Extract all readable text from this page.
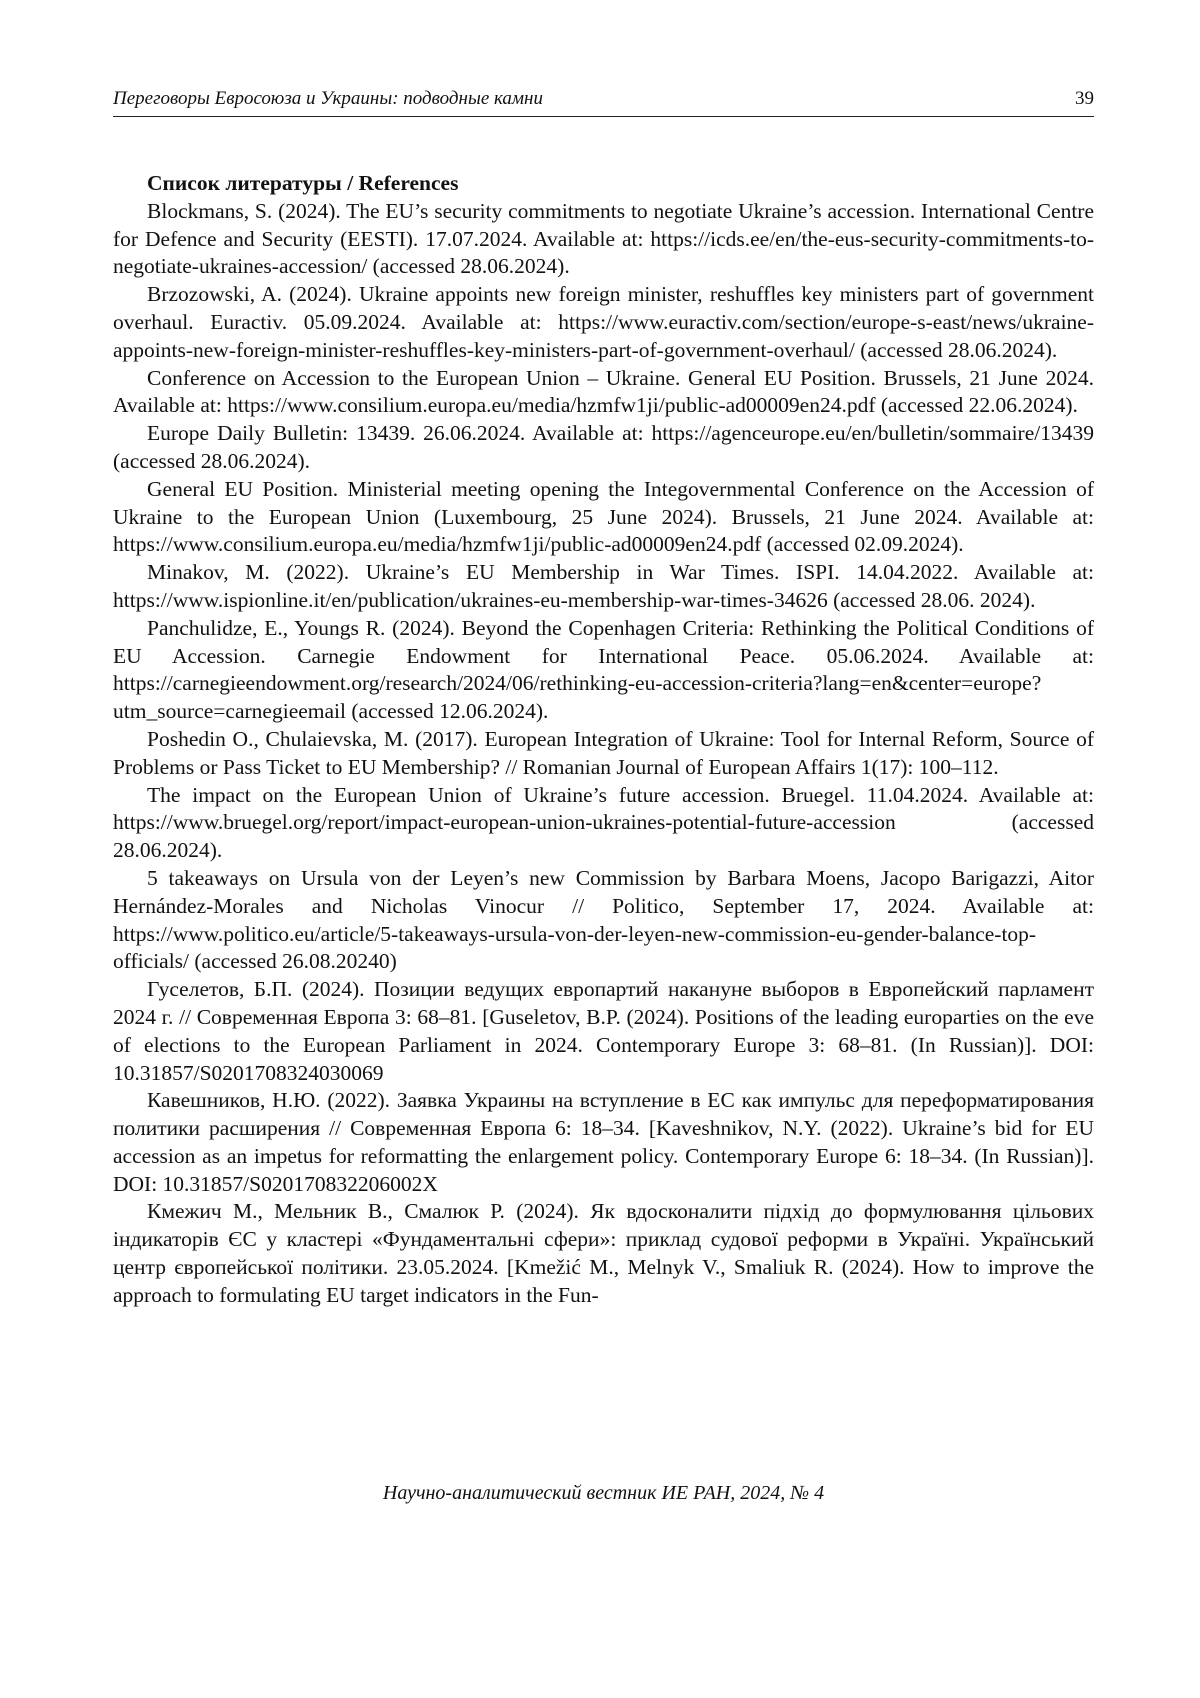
Переговоры Евросоюза и Украины: подводные камни	39

Список литературы / References

Blockmans, S. (2024). The EU’s security commitments to negotiate Ukraine’s accession. International Centre for Defence and Security (EESTI). 17.07.2024. Available at: https://icds.ee/en/the-eus-security-commitments-to-negotiate-ukraines-accession/ (accessed 28.06.2024).
Brzozowski, A. (2024). Ukraine appoints new foreign minister, reshuffles key ministers part of government overhaul. Euractiv. 05.09.2024. Available at: https://www.euractiv.com/section/europe-s-east/news/ukraine-appoints-new-foreign-minister-reshuffles-key-ministers-part-of-government-overhaul/ (accessed 28.06.2024).
Conference on Accession to the European Union – Ukraine. General EU Position. Brussels, 21 June 2024. Available at: https://www.consilium.europa.eu/media/hzmfw1ji/public-ad00009en24.pdf (accessed 22.06.2024).
Europe Daily Bulletin: 13439. 26.06.2024. Available at: https://agenceurope.eu/en/bulletin/sommaire/13439 (accessed 28.06.2024).
General EU Position. Ministerial meeting opening the Integovernmental Conference on the Accession of Ukraine to the European Union (Luxembourg, 25 June 2024). Brussels, 21 June 2024. Available at: https://www.consilium.europa.eu/media/hzmfw1ji/public-ad00009en24.pdf (accessed 02.09.2024).
Minakov, M. (2022). Ukraine’s EU Membership in War Times. ISPI. 14.04.2022. Available at: https://www.ispionline.it/en/publication/ukraines-eu-membership-war-times-34626 (accessed 28.06. 2024).
Panchulidze, E., Youngs R. (2024). Beyond the Copenhagen Criteria: Rethinking the Political Conditions of EU Accession. Carnegie Endowment for International Peace. 05.06.2024. Available at: https://carnegieendowment.org/research/2024/06/rethinking-eu-accession-criteria?lang=en&center=europe?utm_source=carnegieemail (accessed 12.06.2024).
Poshedin O., Chulaievska, M. (2017). European Integration of Ukraine: Tool for Internal Reform, Source of Problems or Pass Ticket to EU Membership? // Romanian Journal of European Affairs 1(17): 100–112.
The impact on the European Union of Ukraine’s future accession. Bruegel. 11.04.2024. Available at: https://www.bruegel.org/report/impact-european-union-ukraines-potential-future-accession (accessed 28.06.2024).
5 takeaways on Ursula von der Leyen’s new Commission by Barbara Moens, Jacopo Barigazzi, Aitor Hernández-Morales and Nicholas Vinocur // Politico, September 17, 2024. Available at: https://www.politico.eu/article/5-takeaways-ursula-von-der-leyen-new-commission-eu-gender-balance-top-officials/ (accessed 26.08.20240)
Гуселетов, Б.П. (2024). Позиции ведущих европартий накануне выборов в Европейский парламент 2024 г. // Современная Европа 3: 68–81. [Guseletov, B.P. (2024). Positions of the leading europarties on the eve of elections to the European Parliament in 2024. Contemporary Europe 3: 68–81. (In Russian)]. DOI: 10.31857/S0201708324030069
Кавешников, Н.Ю. (2022). Заявка Украины на вступление в ЕС как импульс для переформатирования политики расширения // Современная Европа 6: 18–34. [Kaveshnikov, N.Y. (2022). Ukraine’s bid for EU accession as an impetus for reformatting the enlargement policy. Contemporary Europe 6: 18–34. (In Russian)]. DOI: 10.31857/S020170832206002X
Кмежич М., Мельник В., Смалюк Р. (2024). Як вдосконалити підхід до формулювання цільових індикаторів ЄС у кластері «Фундаментальні сфери»: приклад судової реформи в Україні. Український центр європейської політики. 23.05.2024. [Kmežić M., Melnyk V., Smaliuk R. (2024). How to improve the approach to formulating EU target indicators in the Fun-
Научно-аналитический вестник ИЕ РАН, 2024, № 4
